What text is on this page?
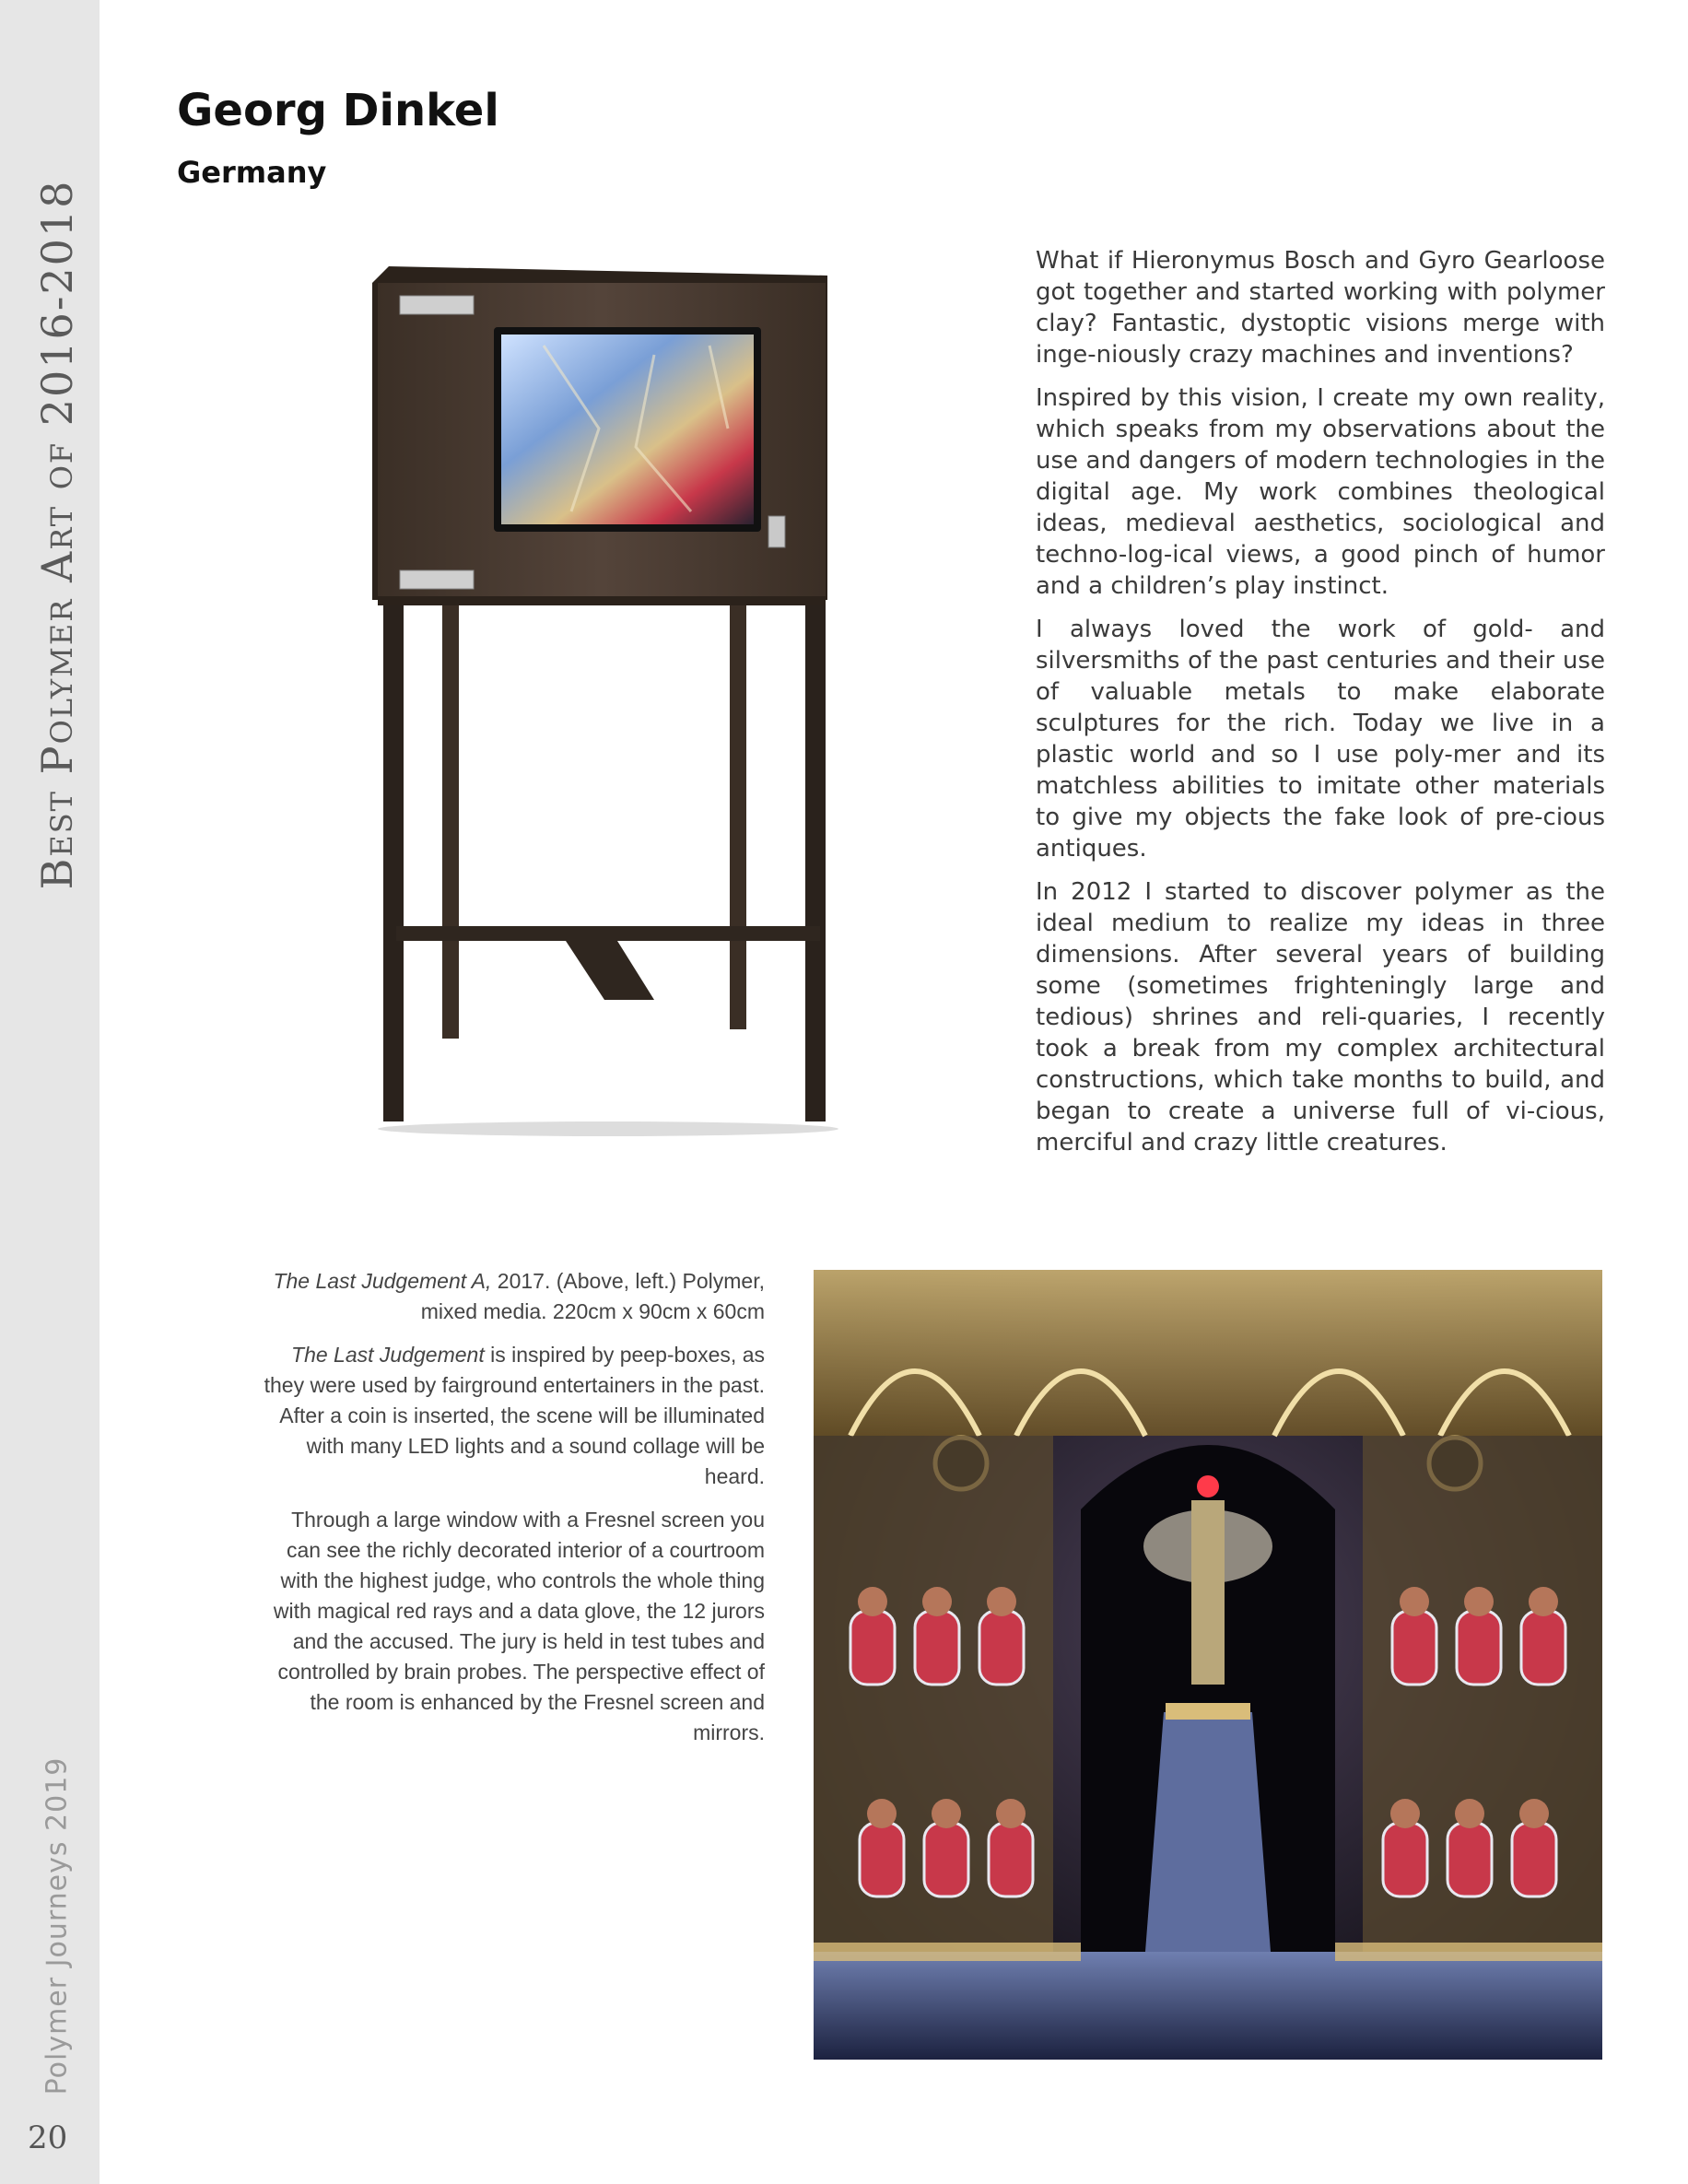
Best Polymer Art of 2016-2018
Polymer Journeys 2019
20
Georg Dinkel
Germany

What if Hieronymus Bosch and Gyro Gearloose got together and started working with polymer clay? Fantastic, dystoptic visions merge with inge-niously crazy machines and inventions?

Inspired by this vision, I create my own reality, which speaks from my observations about the use and dangers of modern technologies in the digital age. My work combines theological ideas, medieval aesthetics, sociological and techno-log-ical views, a good pinch of humor and a children’s play instinct.

I always loved the work of gold- and silversmiths of the past centuries and their use of valuable metals to make elaborate sculptures for the rich. Today we live in a plastic world and so I use poly-mer and its matchless abilities to imitate other materials to give my objects the fake look of pre-cious antiques.

In 2012 I started to discover polymer as the ideal medium to realize my ideas in three dimensions. After several years of building some (sometimes frighteningly large and tedious) shrines and reli-quaries, I recently took a break from my complex architectural constructions, which take months to build, and began to create a universe full of vi-cious, merciful and crazy little creatures.

The Last Judgement A, 2017. (Above, left.) Polymer, mixed media. 220cm x 90cm x 60cm

The Last Judgement is inspired by peep-boxes, as they were used by fairground entertainers in the past. After a coin is inserted, the scene will be illuminated with many LED lights and a sound collage will be heard.

Through a large window with a Fresnel screen you can see the richly decorated interior of a courtroom with the highest judge, who controls the whole thing with magical red rays and a data glove, the 12 jurors and the accused. The jury is held in test tubes and controlled by brain probes. The perspective effect of the room is enhanced by the Fresnel screen and mirrors.
